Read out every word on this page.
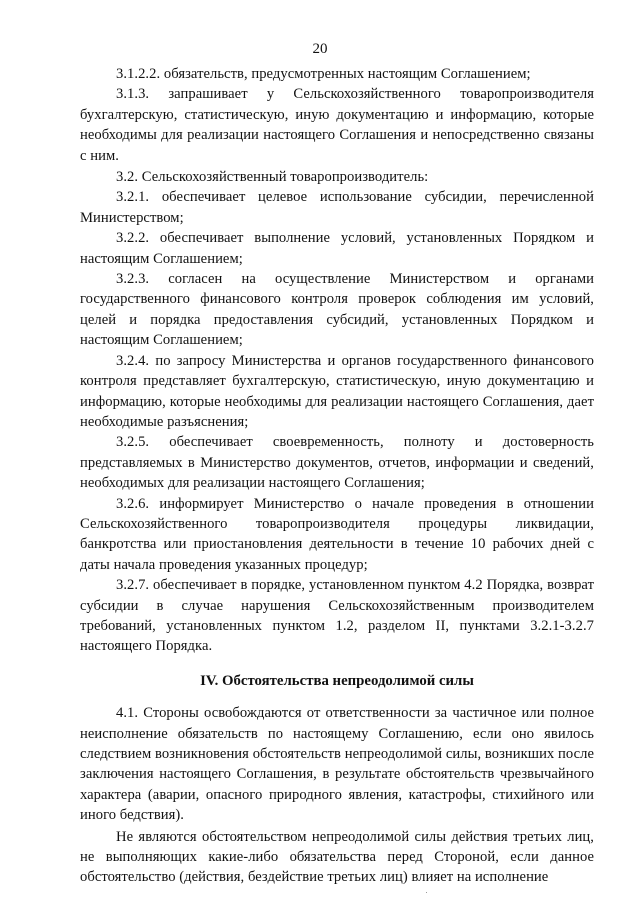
20

3.1.2.2. обязательств, предусмотренных настоящим Соглашением;

3.1.3. запрашивает у Сельскохозяйственного товаропроизводителя бухгалтерскую, статистическую, иную документацию и информацию, которые необходимы для реализации настоящего Соглашения и непосредственно связаны с ним.

3.2. Сельскохозяйственный товаропроизводитель:

3.2.1. обеспечивает целевое использование субсидии, перечисленной Министерством;

3.2.2. обеспечивает выполнение условий, установленных Порядком и настоящим Соглашением;

3.2.3. согласен на осуществление Министерством и органами государственного финансового контроля проверок соблюдения им условий, целей и порядка предоставления субсидий, установленных Порядком и настоящим Соглашением;

3.2.4. по запросу Министерства и органов государственного финансового контроля представляет бухгалтерскую, статистическую, иную документацию и информацию, которые необходимы для реализации настоящего Соглашения, дает необходимые разъяснения;

3.2.5. обеспечивает своевременность, полноту и достоверность представляемых в Министерство документов, отчетов, информации и сведений, необходимых для реализации настоящего Соглашения;

3.2.6. информирует Министерство о начале проведения в отношении Сельскохозяйственного товаропроизводителя процедуры ликвидации, банкротства или приостановления деятельности в течение 10 рабочих дней с даты начала проведения указанных процедур;

3.2.7. обеспечивает в порядке, установленном пунктом 4.2 Порядка, возврат субсидии в случае нарушения Сельскохозяйственным производителем требований, установленных пунктом 1.2, разделом II, пунктами 3.2.1-3.2.7 настоящего Порядка.

IV. Обстоятельства непреодолимой силы

4.1. Стороны освобождаются от ответственности за частичное или полное неисполнение обязательств по настоящему Соглашению, если оно явилось следствием возникновения обстоятельств непреодолимой силы, возникших после заключения настоящего Соглашения, в результате обстоятельств чрезвычайного характера (аварии, опасного природного явления, катастрофы, стихийного или иного бедствия).

Не являются обстоятельством непреодолимой силы действия третьих лиц, не выполняющих какие-либо обязательства перед Стороной, если данное обстоятельство (действия, бездействие третьих лиц) влияет на исполнение
